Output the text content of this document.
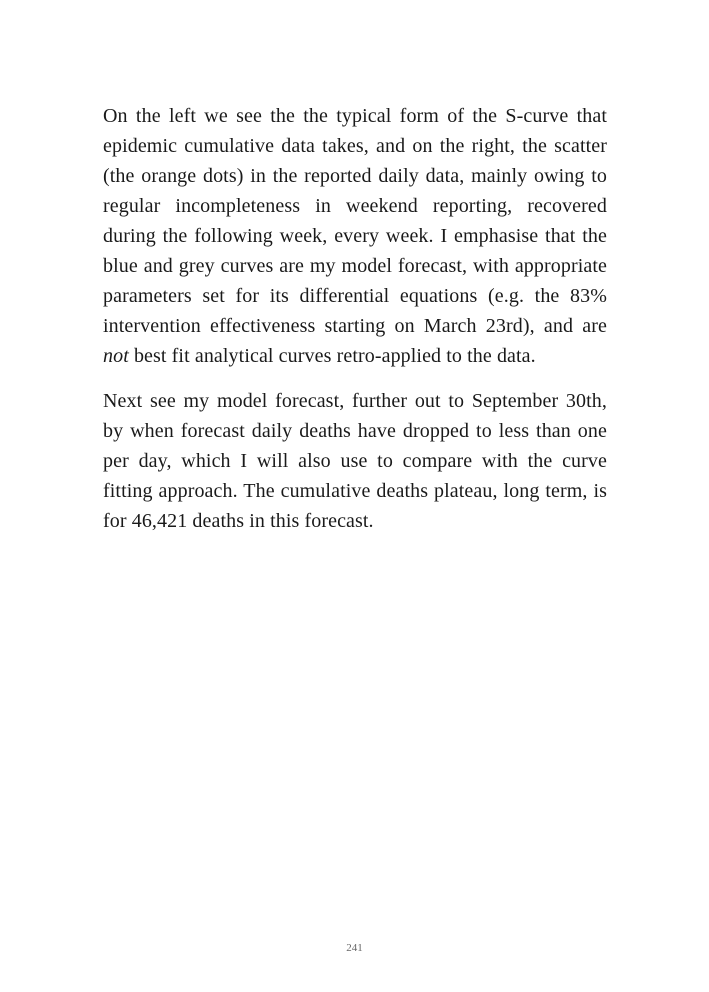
On the left we see the the typical form of the S-curve that epidemic cumulative data takes, and on the right, the scatter (the orange dots) in the reported daily data, mainly owing to regular incompleteness in weekend reporting, recovered during the following week, every week. I emphasise that the blue and grey curves are my model forecast, with appropriate parameters set for its differential equations (e.g. the 83% intervention effectiveness starting on March 23rd), and are not best fit analytical curves retro-applied to the data.

Next see my model forecast, further out to September 30th, by when forecast daily deaths have dropped to less than one per day, which I will also use to compare with the curve fitting approach. The cumulative deaths plateau, long term, is for 46,421 deaths in this forecast.

241
